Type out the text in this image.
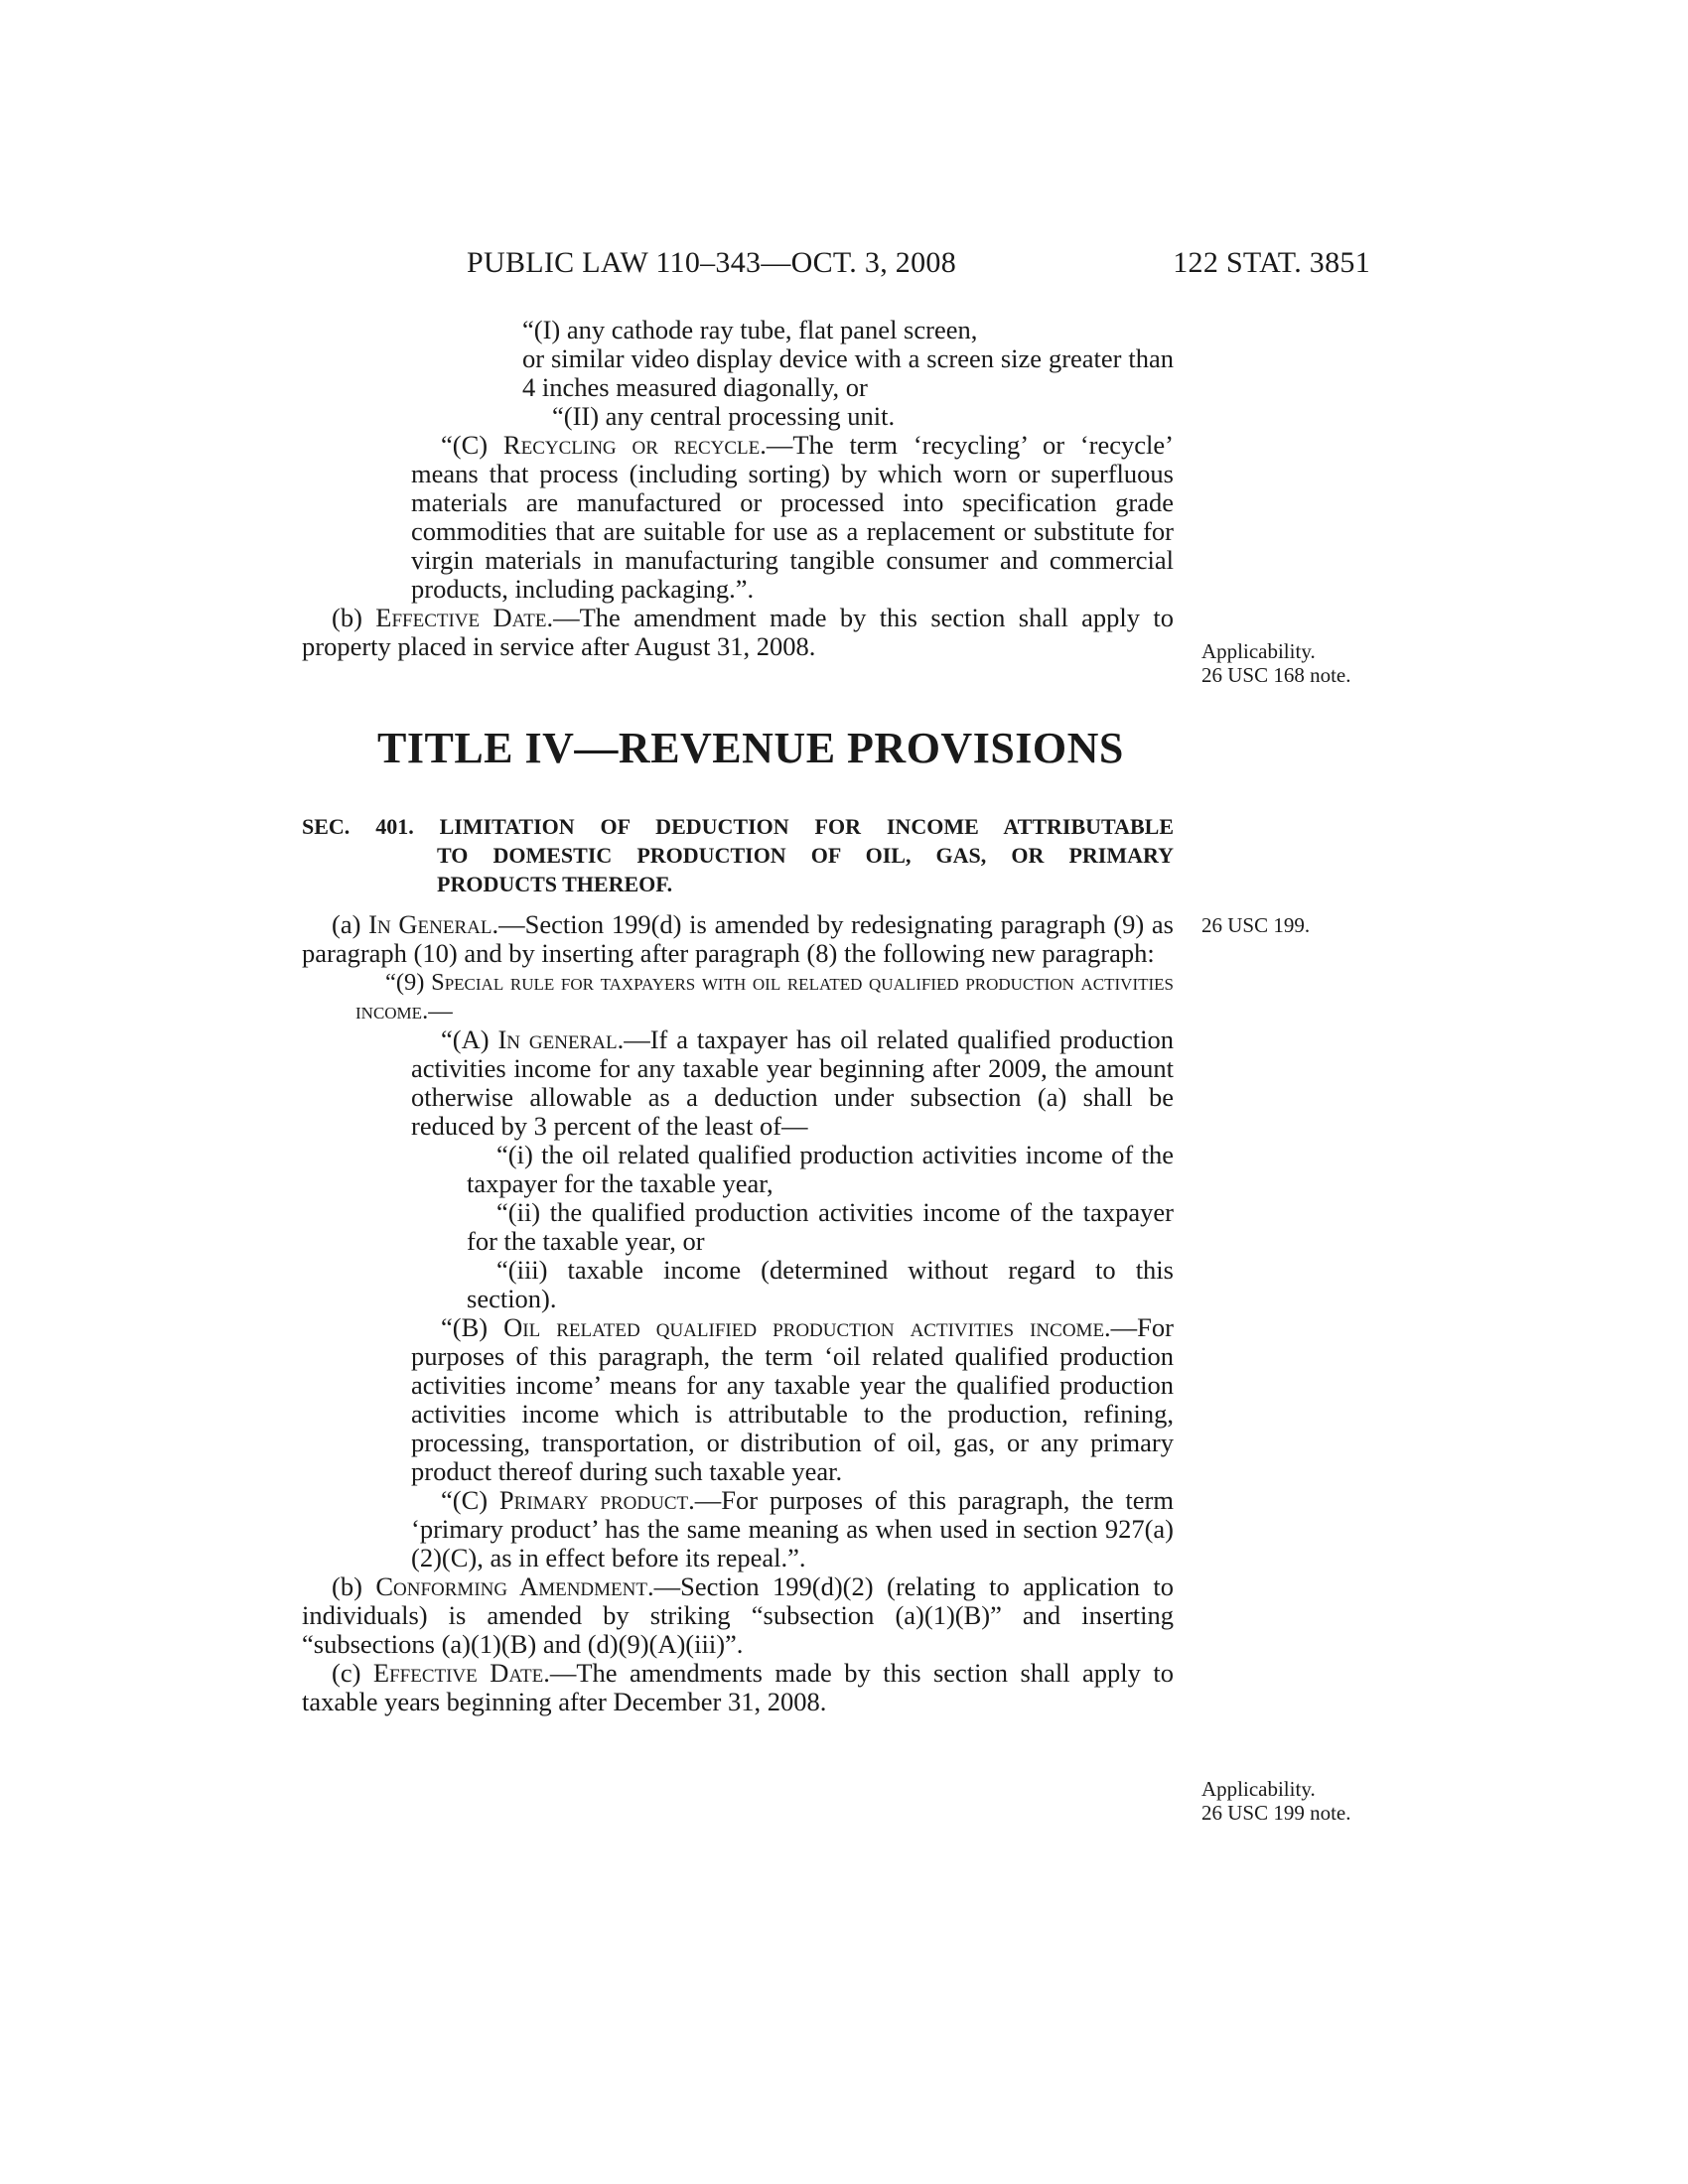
PUBLIC LAW 110–343—OCT. 3, 2008	122 STAT. 3851

“(I) any cathode ray tube, flat panel screen,

or similar video display device with a screen size greater than 4 inches measured diagonally, or

“(II) any central processing unit.

“(C) Recycling or recycle.—The term ‘recycling’ or ‘recycle’ means that process (including sorting) by which worn or superfluous materials are manufactured or processed into specification grade commodities that are suitable for use as a replacement or substitute for virgin materials in manufacturing tangible consumer and commercial products, including packaging.”.

(b) Effective Date.—The amendment made by this section shall apply to property placed in service after August 31, 2008.	Applicability.
26 USC 168 note.
TITLE IV—REVENUE PROVISIONS
SEC. 401. LIMITATION OF DEDUCTION FOR INCOME ATTRIBUTABLE
TO DOMESTIC PRODUCTION OF OIL, GAS, OR PRIMARY
PRODUCTS THEREOF.

(a) In General.—Section 199(d) is amended by redesignating paragraph (9) as paragraph (10) and by inserting after paragraph (8) the following new paragraph:

“(9) Special rule for taxpayers with oil related qualified production activities income.—

“(A) In general.—If a taxpayer has oil related qualified production activities income for any taxable year beginning after 2009, the amount otherwise allowable as a deduction under subsection (a) shall be reduced by 3 percent of the least of—

“(i) the oil related qualified production activities income of the taxpayer for the taxable year,

“(ii) the qualified production activities income of the taxpayer for the taxable year, or

“(iii) taxable income (determined without regard to this section).

“(B) Oil related qualified production activities income.—For purposes of this paragraph, the term ‘oil related qualified production activities income’ means for any taxable year the qualified production activities income which is attributable to the production, refining, processing, transportation, or distribution of oil, gas, or any primary product thereof during such taxable year.

“(C) Primary product.—For purposes of this paragraph, the term ‘primary product’ has the same meaning as when used in section 927(a)(2)(C), as in effect before its repeal.”.

(b) Conforming Amendment.—Section 199(d)(2) (relating to application to individuals) is amended by striking “subsection (a)(1)(B)” and inserting “subsections (a)(1)(B) and (d)(9)(A)(iii)”.

(c) Effective Date.—The amendments made by this section shall apply to taxable years beginning after December 31, 2008.

26 USC 199.
Applicability.
26 USC 199 note.
